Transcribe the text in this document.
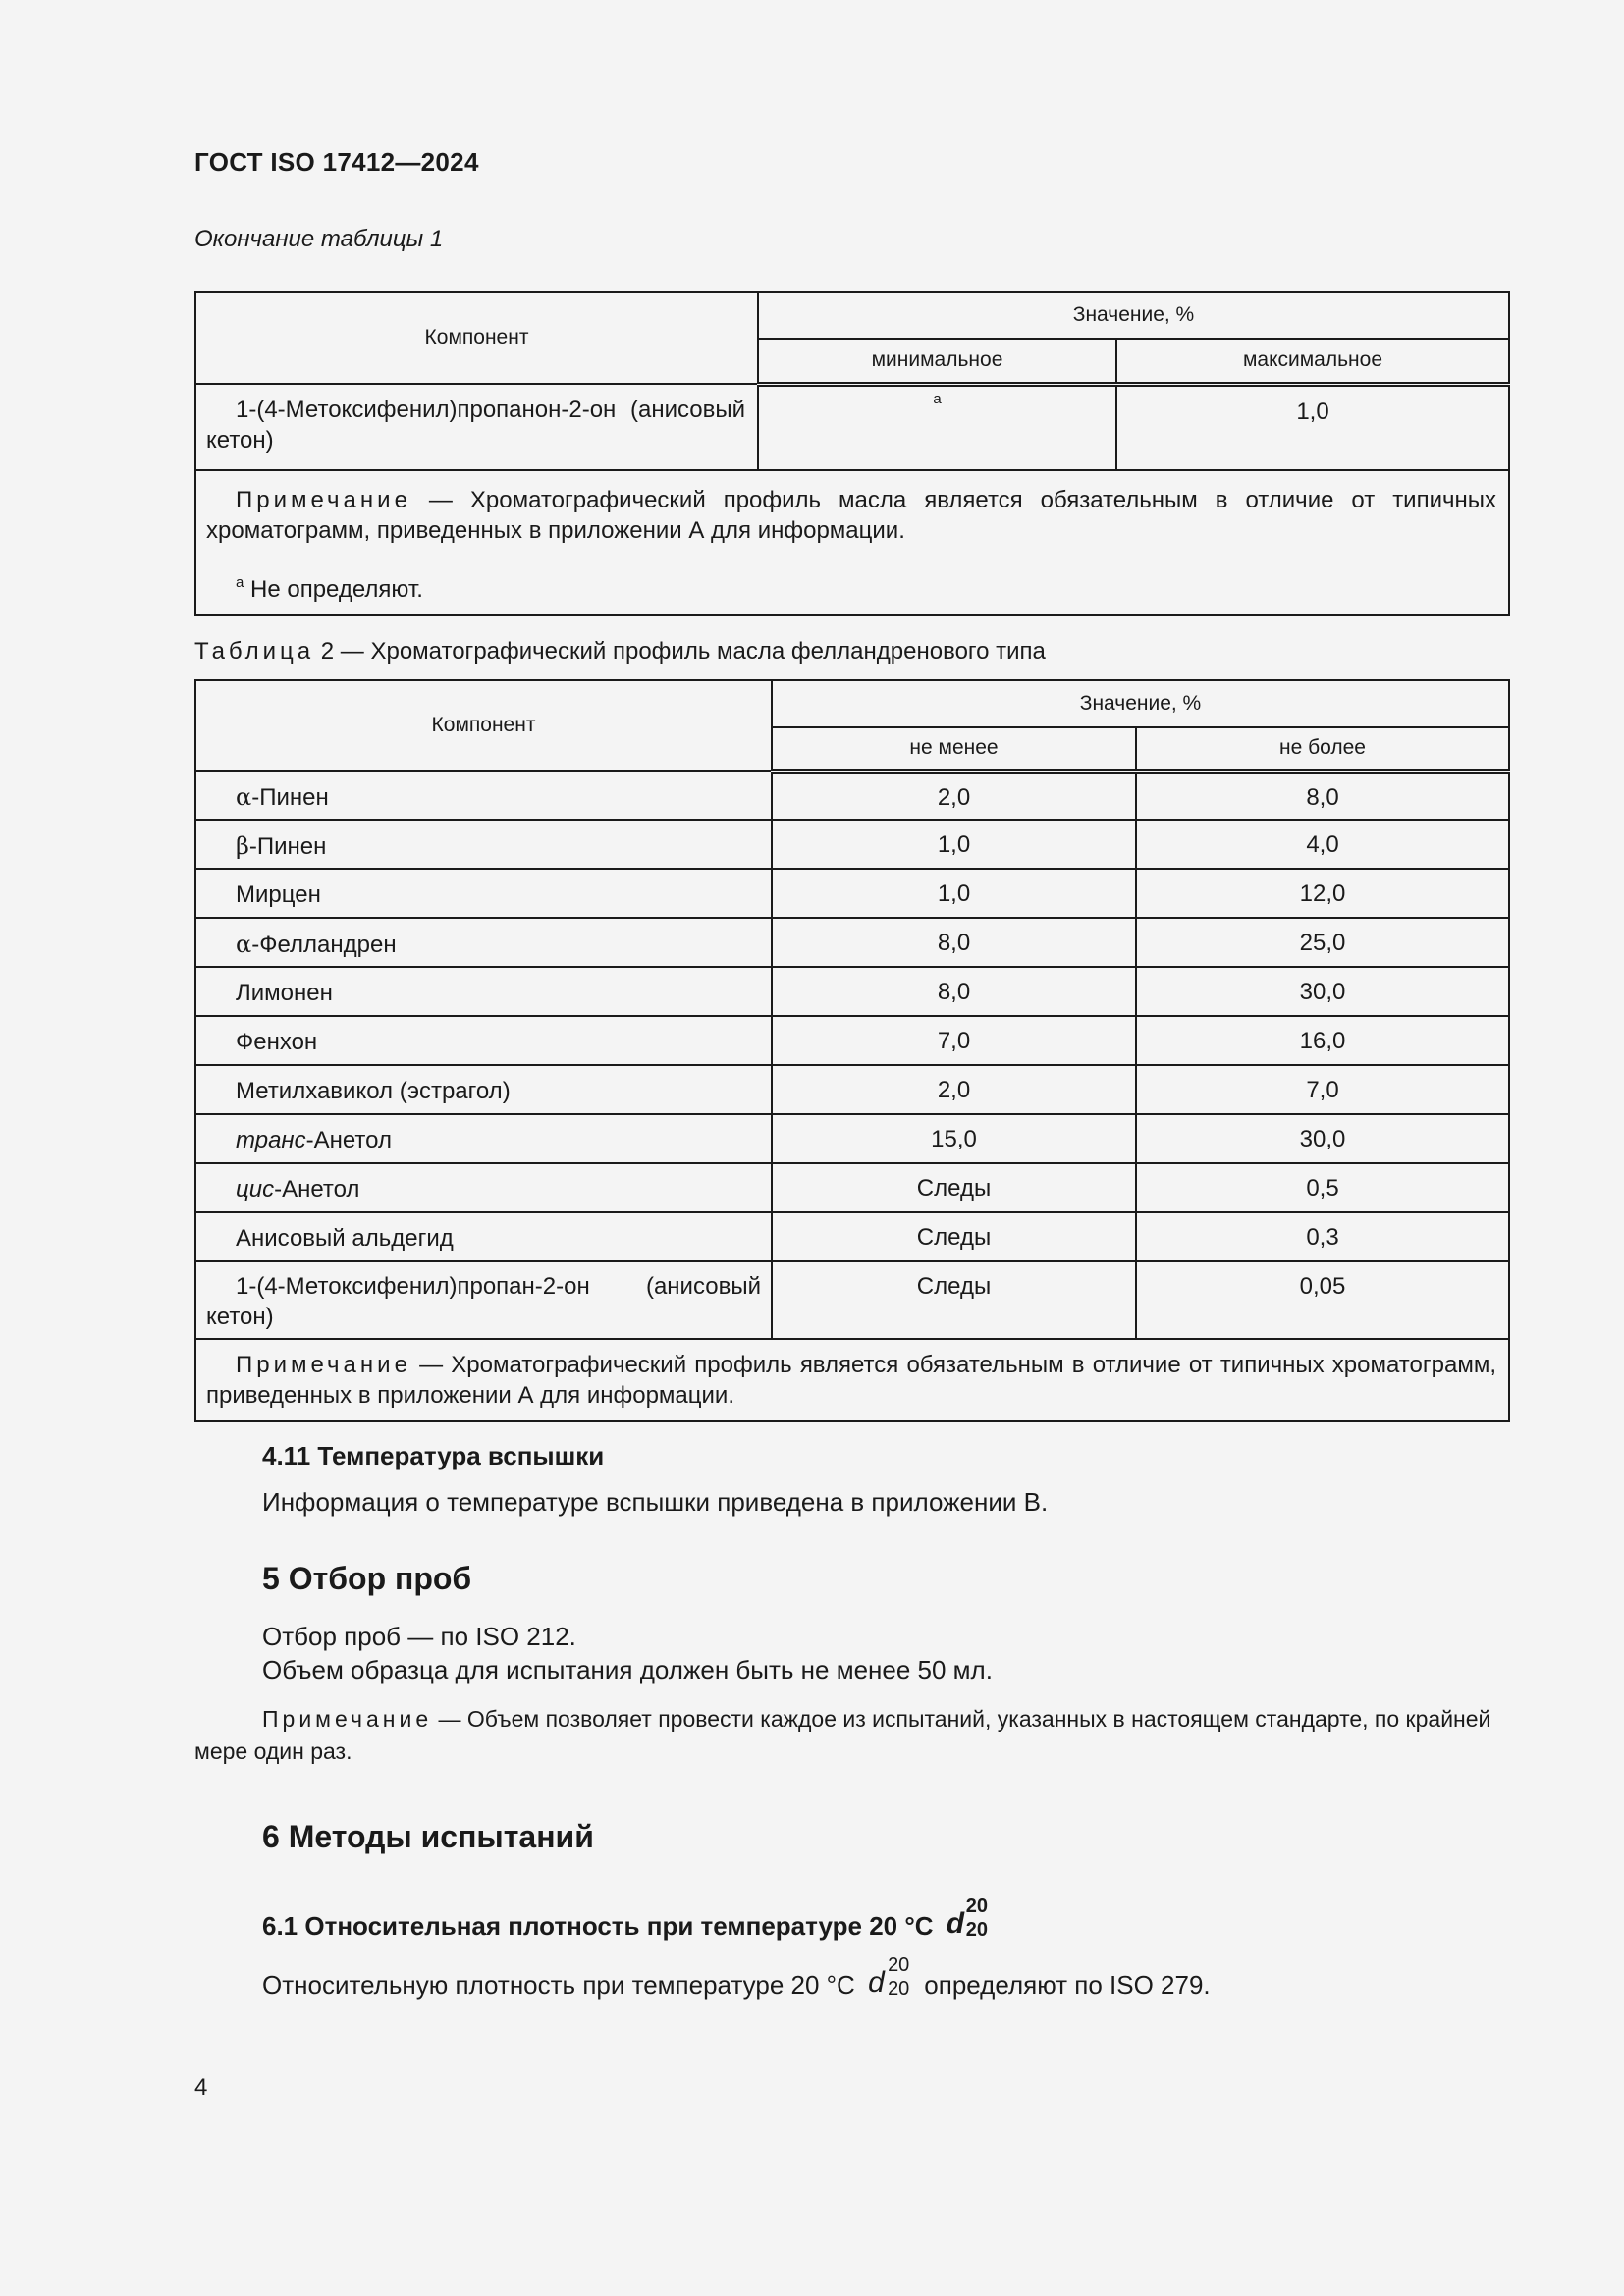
ГОСТ ISO 17412—2024
Окончание таблицы 1
Компонент	Значение, %	
	минимальное	максимальное
1-(4-Метоксифенил)пропанон-2-он (анисовый кетон)	$^а$	1,0

Примечание — Хроматографический профиль масла является обязательным в отличие от типичных хроматограмм, приведенных в приложении А для информации.

$^а$ Не определяют.		

Таблица 2 — Хроматографический профиль масла фелландренового типа
Компонент	Значение, %	
	не менее	не более
α-Пинен	2,0	8,0
β-Пинен	1,0	4,0
Мирцен	1,0	12,0
α-Фелландрен	8,0	25,0
Лимонен	8,0	30,0
Фенхон	7,0	16,0
Метилхавикол (эстрагол)	2,0	7,0
транс-Анетол	15,0	30,0
цис-Анетол	Следы	0,5
Анисовый альдегид	Следы	0,3
1-(4-Метоксифенил)пропан-2-он (анисовый кетон)	Следы	0,05

Примечание — Хроматографический профиль является обязательным в отличие от типичных хроматограмм, приведенных в приложении А для информации.		

4.11 Температура вспышки
Информация о температуре вспышки приведена в приложении В.
5 Отбор проб
Отбор проб — по ISO 212.
Объем образца для испытания должен быть не менее 50 мл.

Примечание — Объем позволяет провести каждое из испытаний, указанных в настоящем стандарте, по крайней мере один раз.

6 Методы испытаний
6.1 Относительная плотность при температуре 20 °С d
20
20
Относительную плотность при температуре 20 °С d
20
20 определяют по ISO 279.
4
